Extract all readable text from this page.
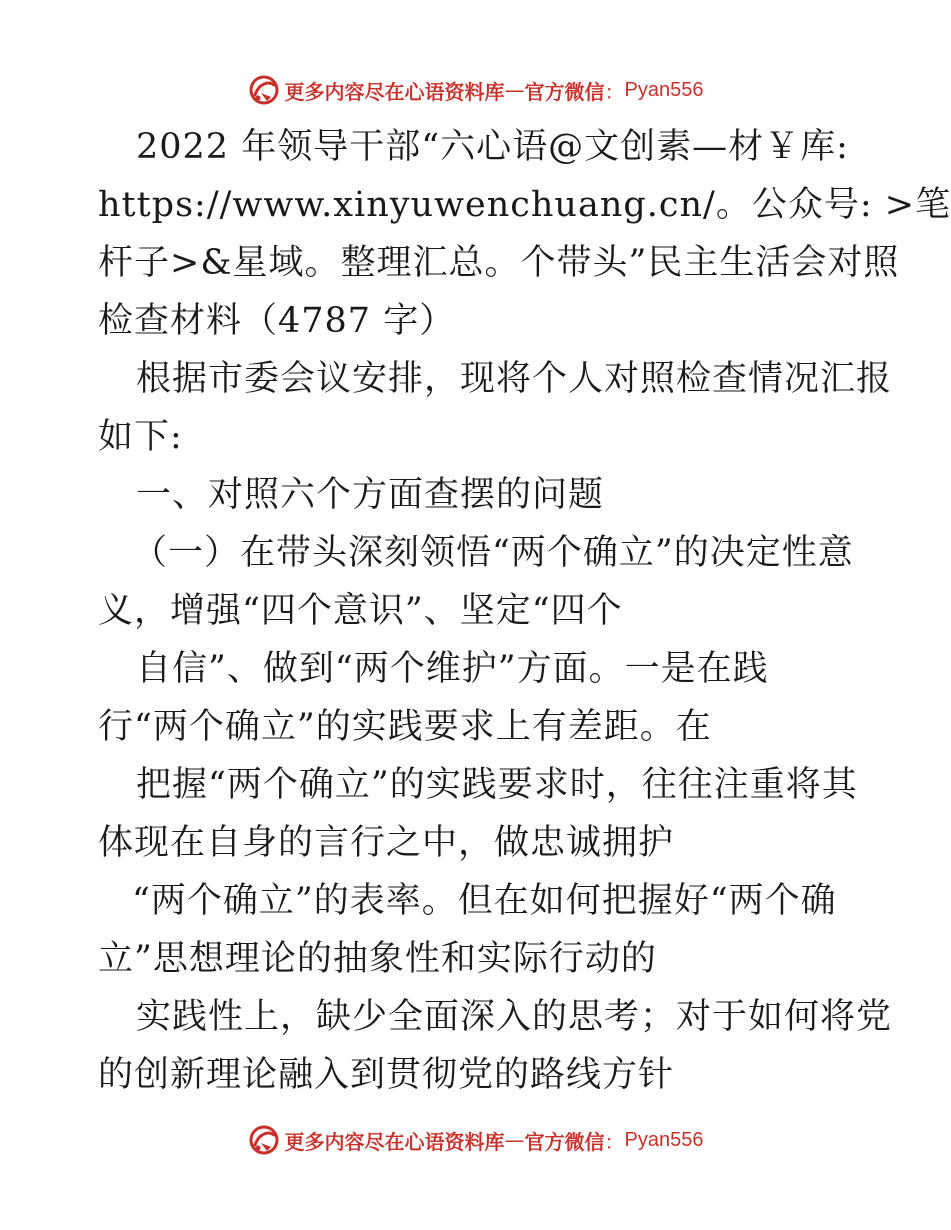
更多内容尽在心语资料库 — 官方微信 ： Pyan556
2022 年领导干部“六心语@文创素—材￥库:
https://www.xinyuwenchuang.cn/。公众号: >笔
杆子>&星域。整理汇总。个带头”民主生活会对照
检查材料（4787 字）
根据市委会议安排，现将个人对照检查情况汇报
如下:
一、对照六个方面查摆的问题
（一）在带头深刻领悟“两个确立”的决定性意
义，增强“四个意识”、坚定“四个
自信”、做到“两个维护”方面。一是在践
行“两个确立”的实践要求上有差距。在
把握“两个确立”的实践要求时，往往注重将其
体现在自身的言行之中，做忠诚拥护
“两个确立”的表率。但在如何把握好“两个确
立”思想理论的抽象性和实际行动的
实践性上，缺少全面深入的思考；对于如何将党
的创新理论融入到贯彻党的路线方针
更多内容尽在心语资料库 — 官方微信 ： Pyan556
